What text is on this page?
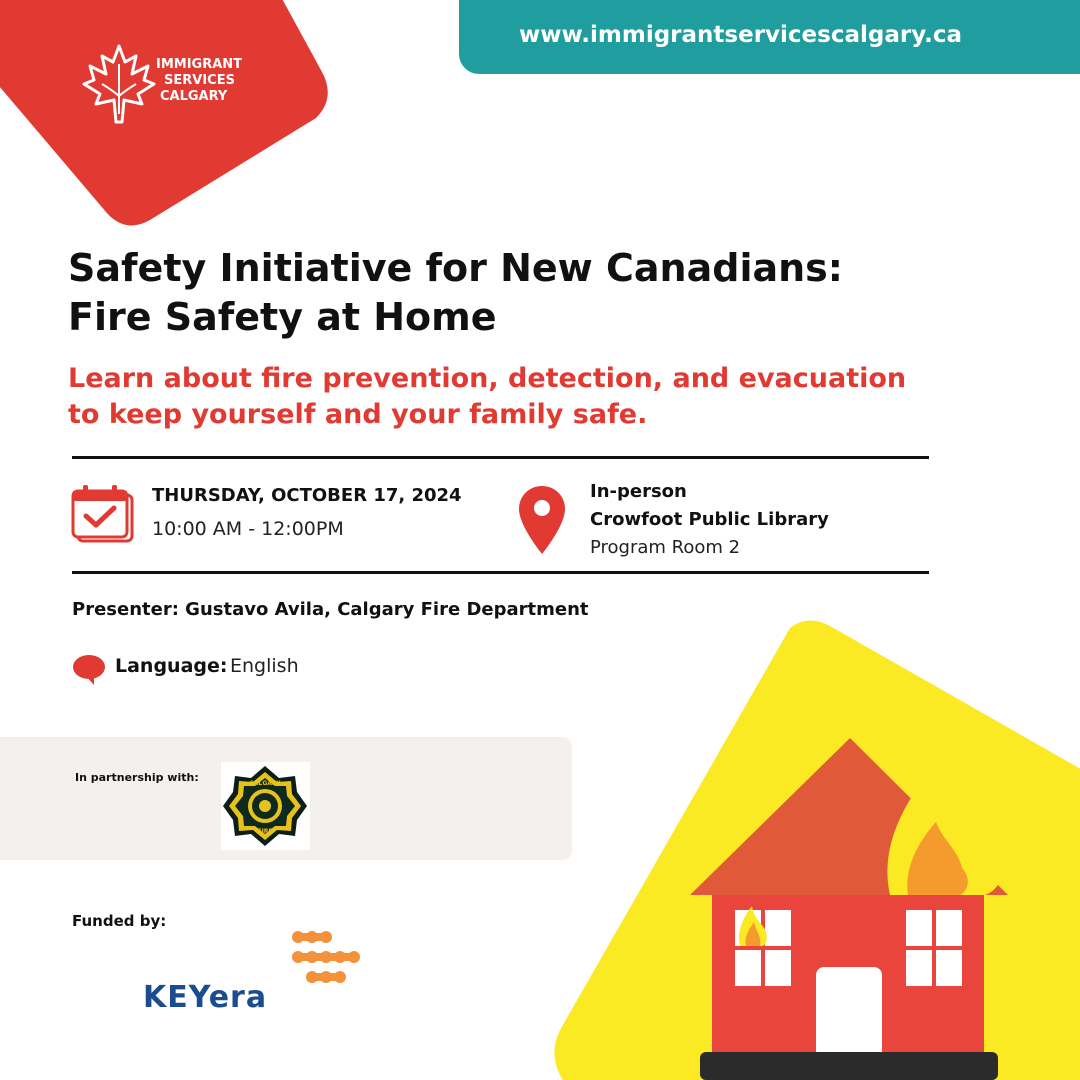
IMMIGRANT
SERVICES
CALGARY
www.immigrantservicescalgary.ca
Safety Initiative for New Canadians:
Fire Safety at Home
Learn about fire prevention, detection, and evacuation
to keep yourself and your family safe.
THURSDAY, OCTOBER 17, 2024
10:00 AM - 12:00PM
In-person
Crowfoot Public Library
Program Room 2
Presenter: Gustavo Avila, Calgary Fire Department
Language: English
In partnership with:	CALGARY
FIRE
Funded by:
KEYera
